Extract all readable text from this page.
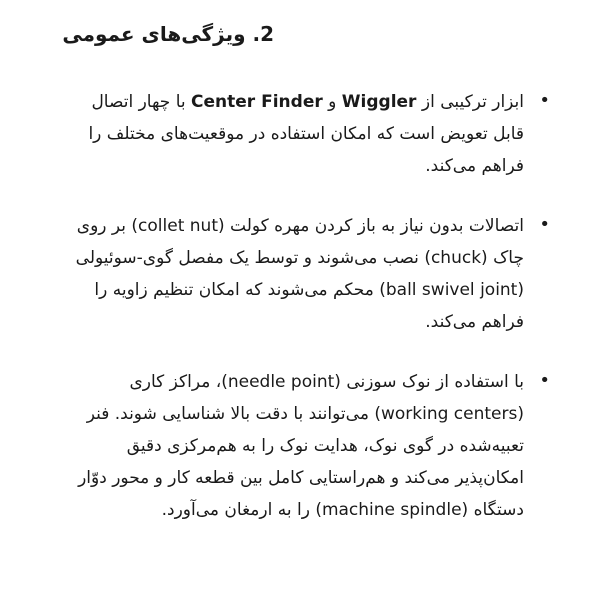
2. ویژگی‌های عمومی
•
ابزار ترکیبی از Wiggler و Center Finder با چهار اتصال قابل تعویض است که امکان استفاده در موقعیت‌های مختلف را فراهم می‌کند.
•
اتصالات بدون نیاز به باز کردن مهره کولت (collet nut) بر روی چاک (chuck) نصب می‌شوند و توسط یک مفصل گوی-سوئیولی (ball swivel joint) محکم می‌شوند که امکان تنظیم زاویه را فراهم می‌کند.
•
با استفاده از نوک سوزنی (needle point)، مراکز کاری (working centers) می‌توانند با دقت بالا شناسایی شوند. فنر تعبیه‌شده در گوی نوک، هدایت نوک را به هم‌مرکزی دقیق امکان‌پذیر می‌کند و هم‌راستایی کامل بین قطعه کار و محور دوّار دستگاه (machine spindle) را به ارمغان می‌آورد.
